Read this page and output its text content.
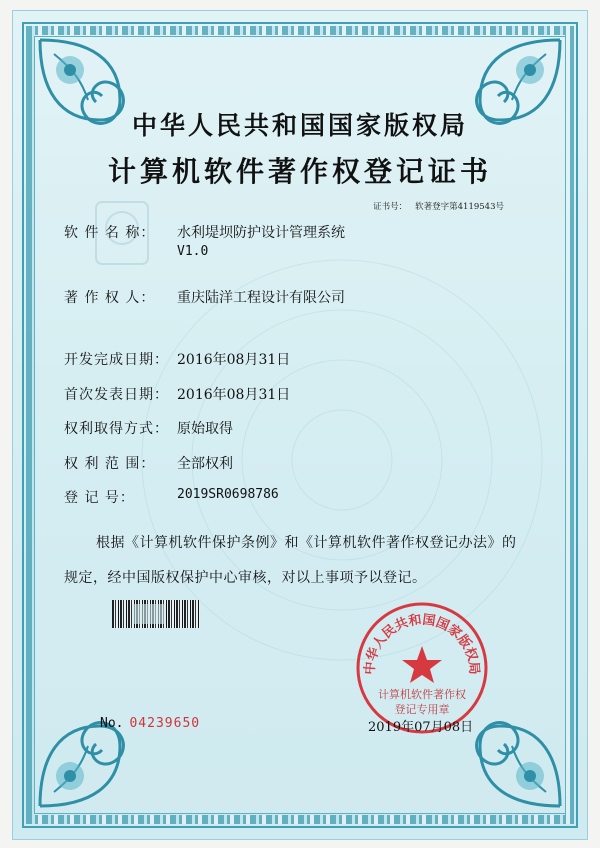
中华人民共和国国家版权局
计算机软件著作权登记证书
证书号： 软著登字第4119543号
软 件 名 称： 水利堤坝防护设计管理系统
V1.0
著 作 权 人： 重庆陆洋工程设计有限公司
开发完成日期： 2016年08月31日
首次发表日期： 2016年08月31日
权利取得方式： 原始取得
权 利 范 围： 全部权利
登 记 号：	2019SR0698786
根据《计算机软件保护条例》和《计算机软件著作权登记办法》的
规定，经中国版权保护中心审核，对以上事项予以登记。
中华人民共和国国家版权局
计算机软件著作权
登记专用章
No. 04239650	2019年07月08日
